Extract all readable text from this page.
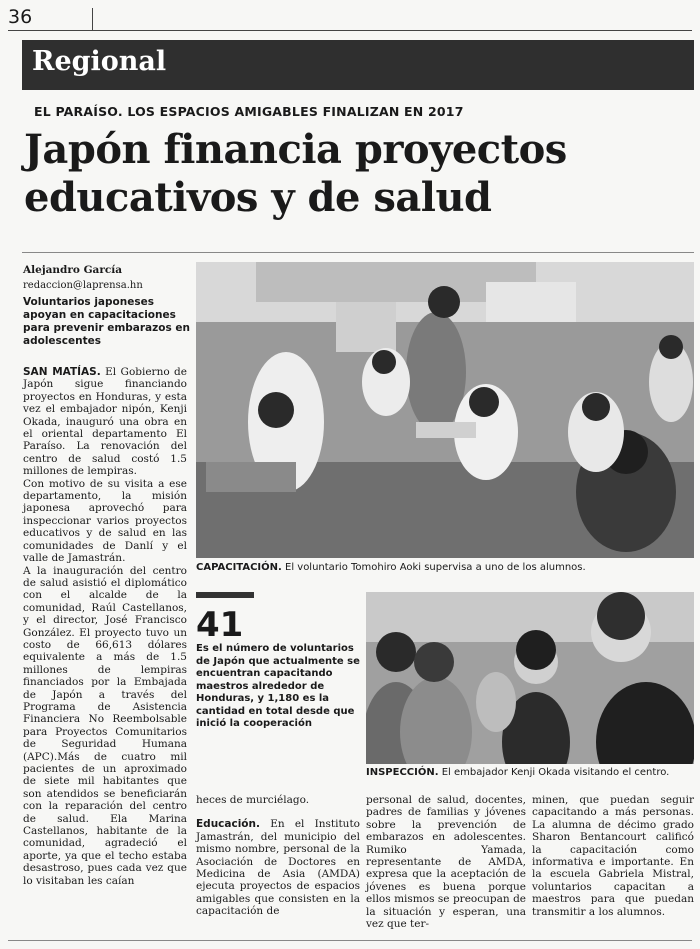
36
Regional
EL PARAÍSO. LOS ESPACIOS AMIGABLES FINALIZAN EN 2017
Japón financia proyectos educativos y de salud
Alejandro García
redaccion@laprensa.hn
Voluntarios japoneses apoyan en capacitaciones para prevenir embarazos en adolescentes

SAN MATÍAS. El Gobierno de Japón sigue financiando proyectos en Honduras, y esta vez el embajador nipón, Kenji Okada, inauguró una obra en el oriental departamento El Paraíso. La renovación del centro de salud costó 1.5 millones de lempiras.

Con motivo de su visita a ese departamento, la misión japonesa aprovechó para inspeccionar varios proyectos educativos y de salud en las comunidades de Danlí y el valle de Jamastrán.

A la inauguración del centro de salud asistió el diplomático con el alcalde de la comunidad, Raúl Castellanos, y el director, José Francisco González. El proyecto tuvo un costo de 66,613 dólares equivalente a más de 1.5 millones de lempiras financiados por la Embajada de Japón a través del Programa de Asistencia Financiera No Reembolsable para Proyectos Comunitarios de Seguridad Humana (APC).Más de cuatro mil pacientes de un aproximado de siete mil habitantes que son atendidos se beneficiarán con la reparación del centro de salud. Ela Marina Castellanos, habitante de la comunidad, agradeció el aporte, ya que el techo estaba desastroso, pues cada vez que lo visitaban les caían

CAPACITACIÓN. El voluntario Tomohiro Aoki supervisa a uno de los alumnos.
41
Es el número de voluntarios de Japón que actualmente se encuentran capacitando maestros alrededor de Honduras, y 1,180 es la cantidad en total desde que inició la cooperación
INSPECCIÓN. El embajador Kenji Okada visitando el centro.

heces de murciélago.

Educación. En el Instituto Jamastrán, del municipio del mismo nombre, personal de la Asociación de Doctores en Medicina de Asia (AMDA) ejecuta proyectos de espacios amigables que consisten en la capacitación de

personal de salud, docentes, padres de familias y jóvenes sobre la prevención de embarazos en adolescentes. Rumiko Yamada, representante de AMDA, expresa que la aceptación de jóvenes es buena porque ellos mismos se preocupan de la situación y esperan, una vez que ter-

minen, que puedan seguir capacitando a más personas. La alumna de décimo grado Sharon Bentancourt calificó la capacitación como informativa e importante. En la escuela Gabriela Mistral, voluntarios capacitan a maestros para que puedan transmitir a los alumnos.
